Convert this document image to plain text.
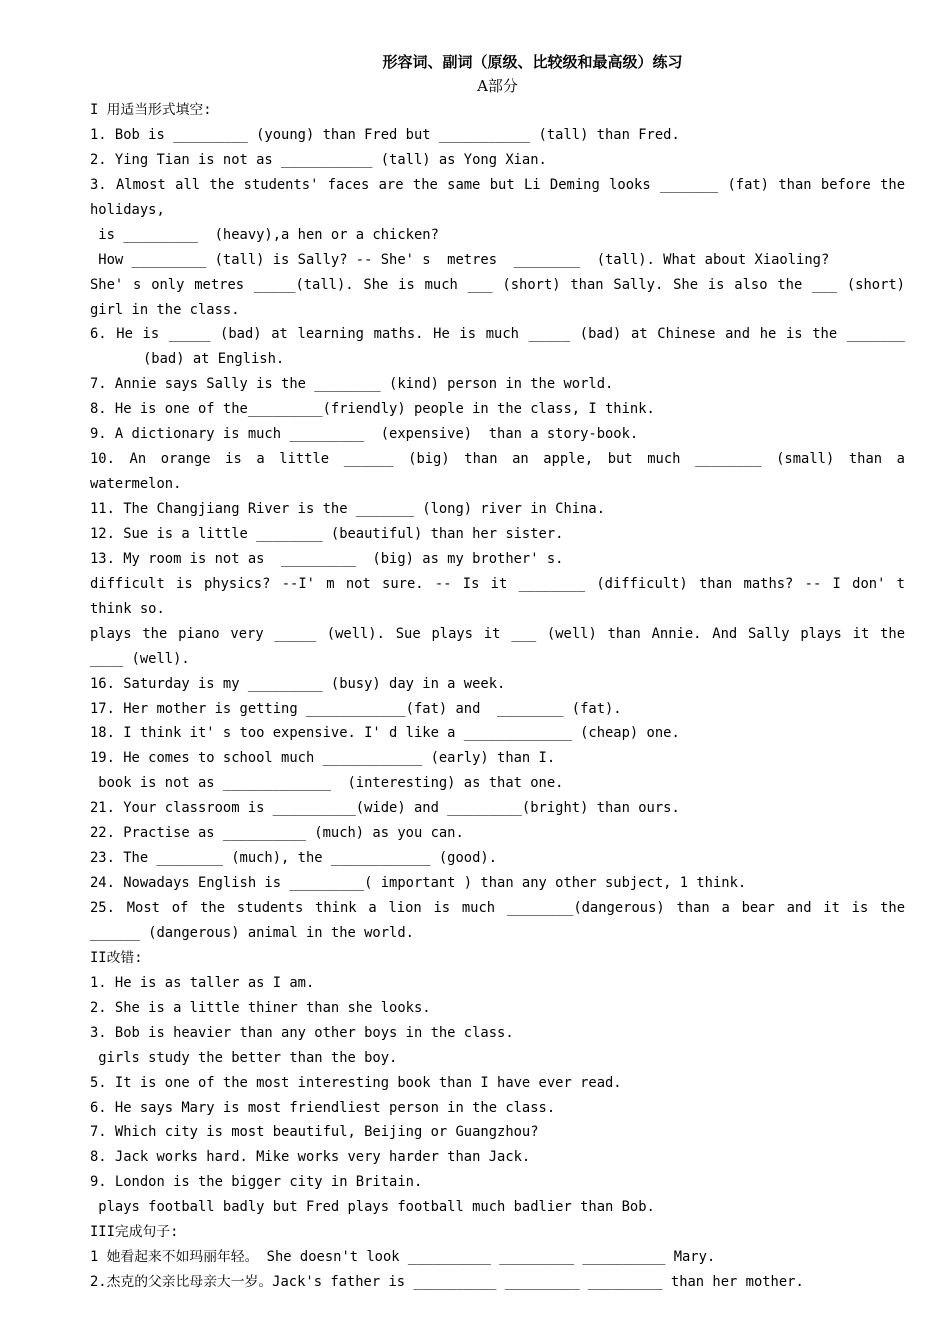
形容词、副词（原级、比较级和最高级）练习
A部分
I 用适当形式填空:
1. Bob is _________ (young) than Fred but ___________ (tall) than Fred.
2. Ying Tian is not as ___________ (tall) as Yong Xian.
3. Almost all the students' faces are the same but Li Deming looks _______ (fat) than before the
holidays,
is _________  (heavy),a hen or a chicken?
How _________ (tall) is Sally? -- She' s  metres  ________  (tall). What about Xiaoling?
She' s only metres _____(tall). She is much ___ (short) than Sally. She is also the ___ (short)
girl in the class.
6. He is _____ (bad) at learning maths. He is much _____ (bad) at Chinese and he is the _______
(bad) at English.
7. Annie says Sally is the ________ (kind) person in the world.
8. He is one of the_________(friendly) people in the class, I think.
9. A dictionary is much _________  (expensive)  than a story-book.
10. An orange is a little ______ (big) than an apple, but much ________ (small) than a
watermelon.
11. The Changjiang River is the _______ (long) river in China.
12. Sue is a little ________ (beautiful) than her sister.
13. My room is not as  _________  (big) as my brother' s.
difficult is physics? --I' m not sure. -- Is it ________ (difficult) than maths? -- I don' t
think so.
plays the piano very _____ (well). Sue plays it ___ (well) than Annie. And Sally plays it the
____ (well).
16. Saturday is my _________ (busy) day in a week.
17. Her mother is getting ____________(fat) and  ________ (fat).
18. I think it' s too expensive. I' d like a _____________ (cheap) one.
19. He comes to school much ____________ (early) than I.
book is not as _____________  (interesting) as that one.
21. Your classroom is __________(wide) and _________(bright) than ours.
22. Practise as __________ (much) as you can.
23. The ________ (much), the ____________ (good).
24. Nowadays English is _________( important ) than any other subject, 1 think.
25. Most of the students think a lion is much ________(dangerous) than a bear and it is the
______ (dangerous) animal in the world.
II改错:
1. He is as taller as I am.
2. She is a little thiner than she looks.
3. Bob is heavier than any other boys in the class.
girls study the better than the boy.
5. It is one of the most interesting book than I have ever read.
6. He says Mary is most friendliest person in the class.
7. Which city is most beautiful, Beijing or Guangzhou?
8. Jack works hard. Mike works very harder than Jack.
9. London is the bigger city in Britain.
plays football badly but Fred plays football much badlier than Bob.
III完成句子:
1 她看起来不如玛丽年轻。 She doesn't look __________ _________ __________ Mary.
2.杰克的父亲比母亲大一岁。Jack's father is __________ _________ _________ than her mother.
